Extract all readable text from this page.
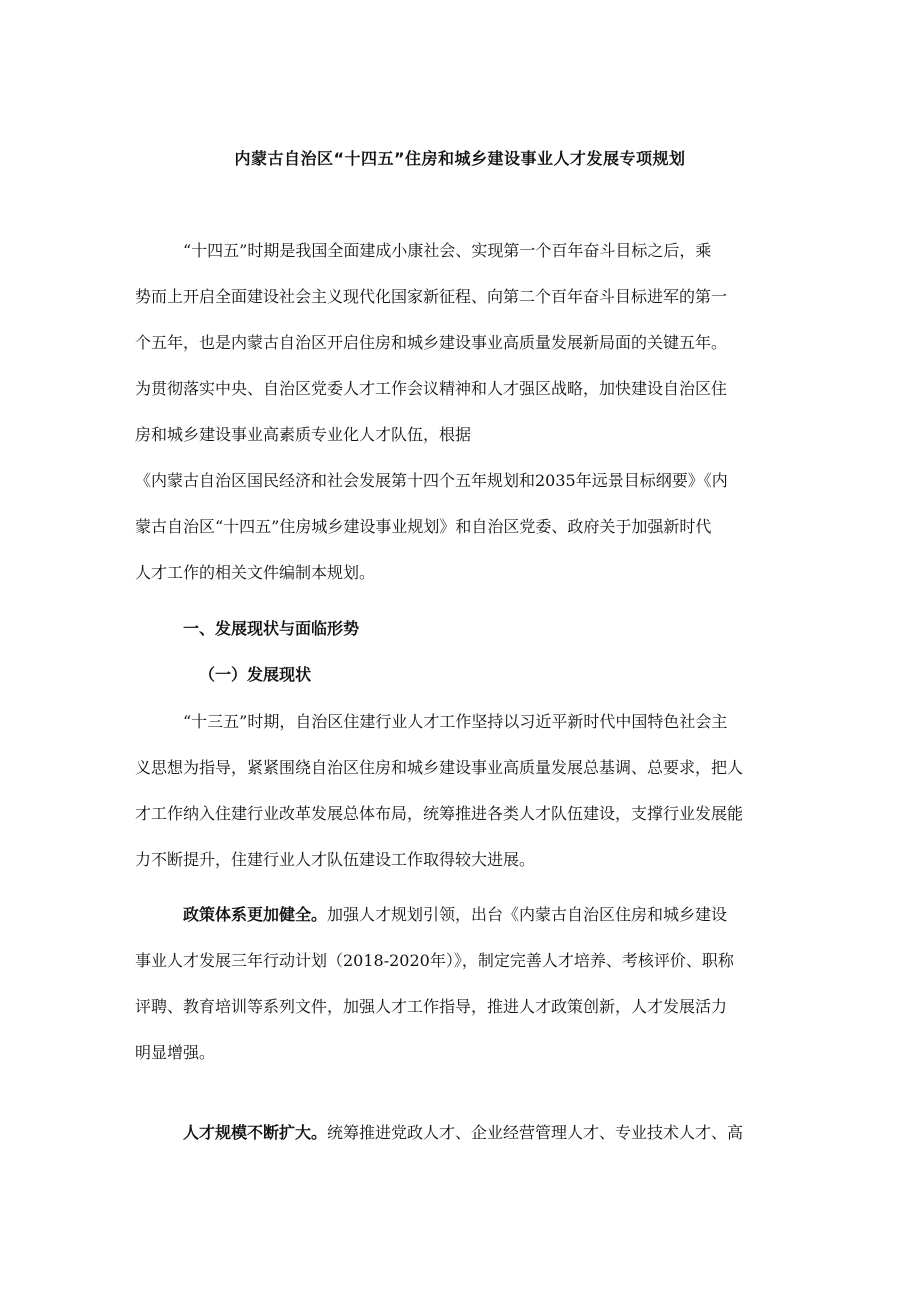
内蒙古自治区“十四五”住房和城乡建设事业人才发展专项规划
“十四五”时期是我国全面建成小康社会、实现第一个百年奋斗目标之后，乘
势而上开启全面建设社会主义现代化国家新征程、向第二个百年奋斗目标进军的第一
个五年，也是内蒙古自治区开启住房和城乡建设事业高质量发展新局面的关键五年。
为贯彻落实中央、自治区党委人才工作会议精神和人才强区战略，加快建设自治区住
房和城乡建设事业高素质专业化人才队伍，根据
《内蒙古自治区国民经济和社会发展第十四个五年规划和2035年远景目标纲要》《内
蒙古自治区“十四五”住房城乡建设事业规划》和自治区党委、政府关于加强新时代
人才工作的相关文件编制本规划。
一、发展现状与面临形势
（一）发展现状
“十三五”时期，自治区住建行业人才工作坚持以习近平新时代中国特色社会主
义思想为指导，紧紧围绕自治区住房和城乡建设事业高质量发展总基调、总要求，把人
才工作纳入住建行业改革发展总体布局，统筹推进各类人才队伍建设，支撑行业发展能
力不断提升，住建行业人才队伍建设工作取得较大进展。
政策体系更加健全。加强人才规划引领，出台《内蒙古自治区住房和城乡建设
事业人才发展三年行动计划（2018-2020年）》，制定完善人才培养、考核评价、职称
评聘、教育培训等系列文件，加强人才工作指导，推进人才政策创新，人才发展活力
明显增强。
人才规模不断扩大。统筹推进党政人才、企业经营管理人才、专业技术人才、高
